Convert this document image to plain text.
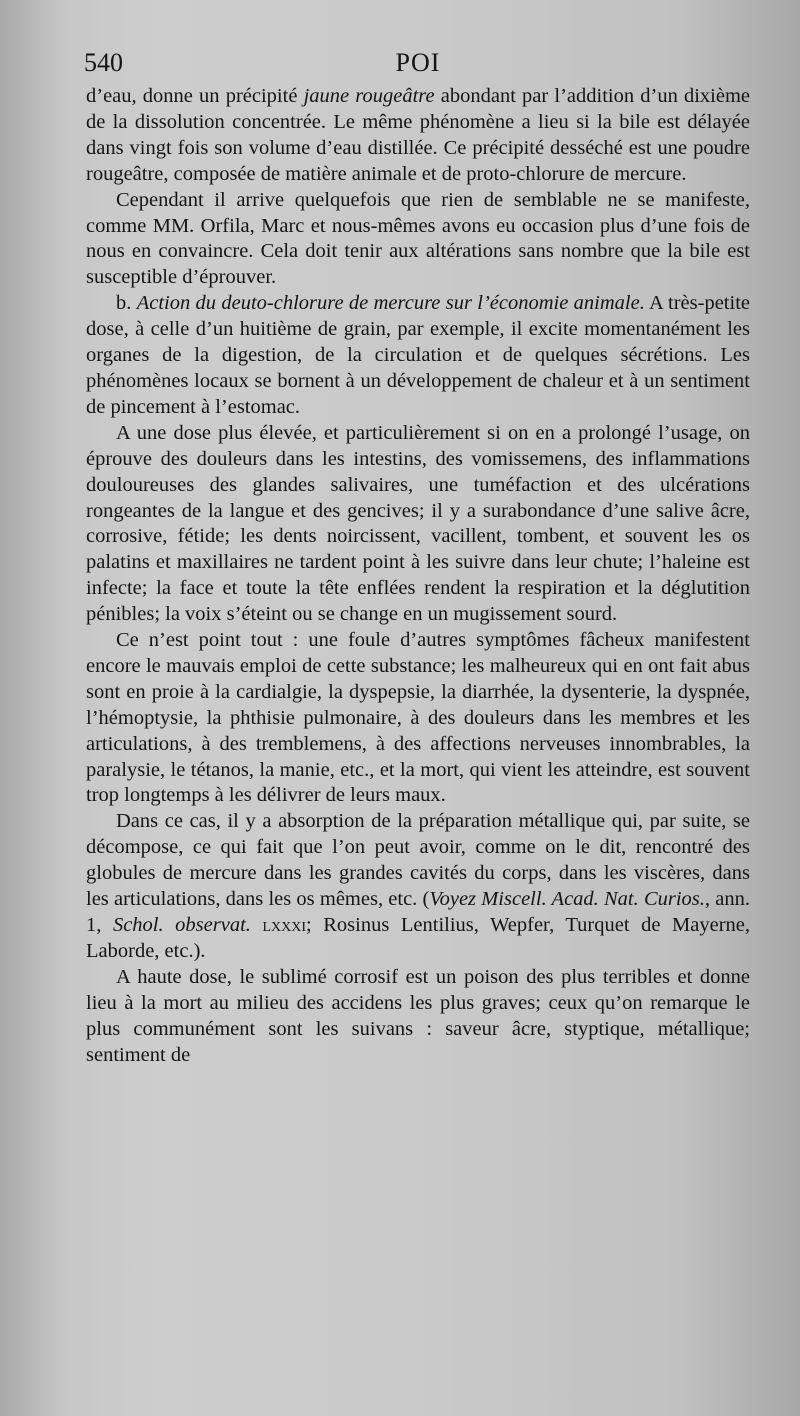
540	POI

d’eau, donne un précipité jaune rougeâtre abondant par l’addition d’un dixième de la dissolution concentrée. Le même phénomène a lieu si la bile est délayée dans vingt fois son volume d’eau distillée. Ce précipité desséché est une poudre rougeâtre, composée de matière animale et de proto-chlorure de mercure.

Cependant il arrive quelquefois que rien de semblable ne se manifeste, comme MM. Orfila, Marc et nous-mêmes avons eu occasion plus d’une fois de nous en convaincre. Cela doit tenir aux altérations sans nombre que la bile est susceptible d’éprouver.

b. Action du deuto-chlorure de mercure sur l’économie animale. A très-petite dose, à celle d’un huitième de grain, par exemple, il excite momentanément les organes de la digestion, de la circulation et de quelques sécrétions. Les phénomènes locaux se bornent à un développement de chaleur et à un sentiment de pincement à l’estomac.

A une dose plus élevée, et particulièrement si on en a prolongé l’usage, on éprouve des douleurs dans les intestins, des vomissemens, des inflammations douloureuses des glandes salivaires, une tuméfaction et des ulcérations rongeantes de la langue et des gencives; il y a surabondance d’une salive âcre, corrosive, fétide; les dents noircissent, vacillent, tombent, et souvent les os palatins et maxillaires ne tardent point à les suivre dans leur chute; l’haleine est infecte; la face et toute la tête enflées rendent la respiration et la déglutition pénibles; la voix s’éteint ou se change en un mugissement sourd.

Ce n’est point tout : une foule d’autres symptômes fâcheux manifestent encore le mauvais emploi de cette substance; les malheureux qui en ont fait abus sont en proie à la cardialgie, la dyspepsie, la diarrhée, la dysenterie, la dyspnée, l’hémoptysie, la phthisie pulmonaire, à des douleurs dans les membres et les articulations, à des tremblemens, à des affections nerveuses innombrables, la paralysie, le tétanos, la manie, etc., et la mort, qui vient les atteindre, est souvent trop longtemps à les délivrer de leurs maux.

Dans ce cas, il y a absorption de la préparation métallique qui, par suite, se décompose, ce qui fait que l’on peut avoir, comme on le dit, rencontré des globules de mercure dans les grandes cavités du corps, dans les viscères, dans les articulations, dans les os mêmes, etc. (Voyez Miscell. Acad. Nat. Curios., ann. 1, Schol. observat. lxxxi; Rosinus Lentilius, Wepfer, Turquet de Mayerne, Laborde, etc.).

A haute dose, le sublimé corrosif est un poison des plus terribles et donne lieu à la mort au milieu des accidens les plus graves; ceux qu’on remarque le plus communément sont les suivans : saveur âcre, styptique, métallique; sentiment de
